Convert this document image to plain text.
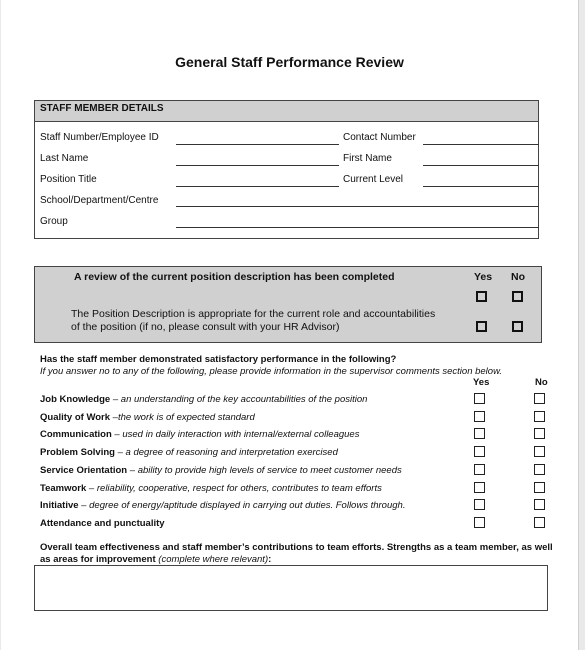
General Staff Performance Review
STAFF MEMBER DETAILS
Staff Number/Employee ID	Contact Number
Last Name	First Name
Position Title	Current Level
School/Department/Centre
Group
A review of the current position description has been completed	Yes No
The Position Description is appropriate for the current role and accountabilities
of the position (if no, please consult with your HR Advisor)
Has the staff member demonstrated satisfactory performance in the following?
If you answer no to any of the following, please provide information in the supervisor comments section below.
Yes	No
Job Knowledge – an understanding of the key accountabilities of the position
Quality of Work –the work is of expected standard
Communication – used in daily interaction with internal/external colleagues
Problem Solving – a degree of reasoning and interpretation exercised
Service Orientation – ability to provide high levels of service to meet customer needs
Teamwork – reliability, cooperative, respect for others, contributes to team efforts
Initiative – degree of energy/aptitude displayed in carrying out duties. Follows through.
Attendance and punctuality
Overall team effectiveness and staff member’s contributions to team efforts. Strengths as a team member, as well as areas for improvement (complete where relevant):
